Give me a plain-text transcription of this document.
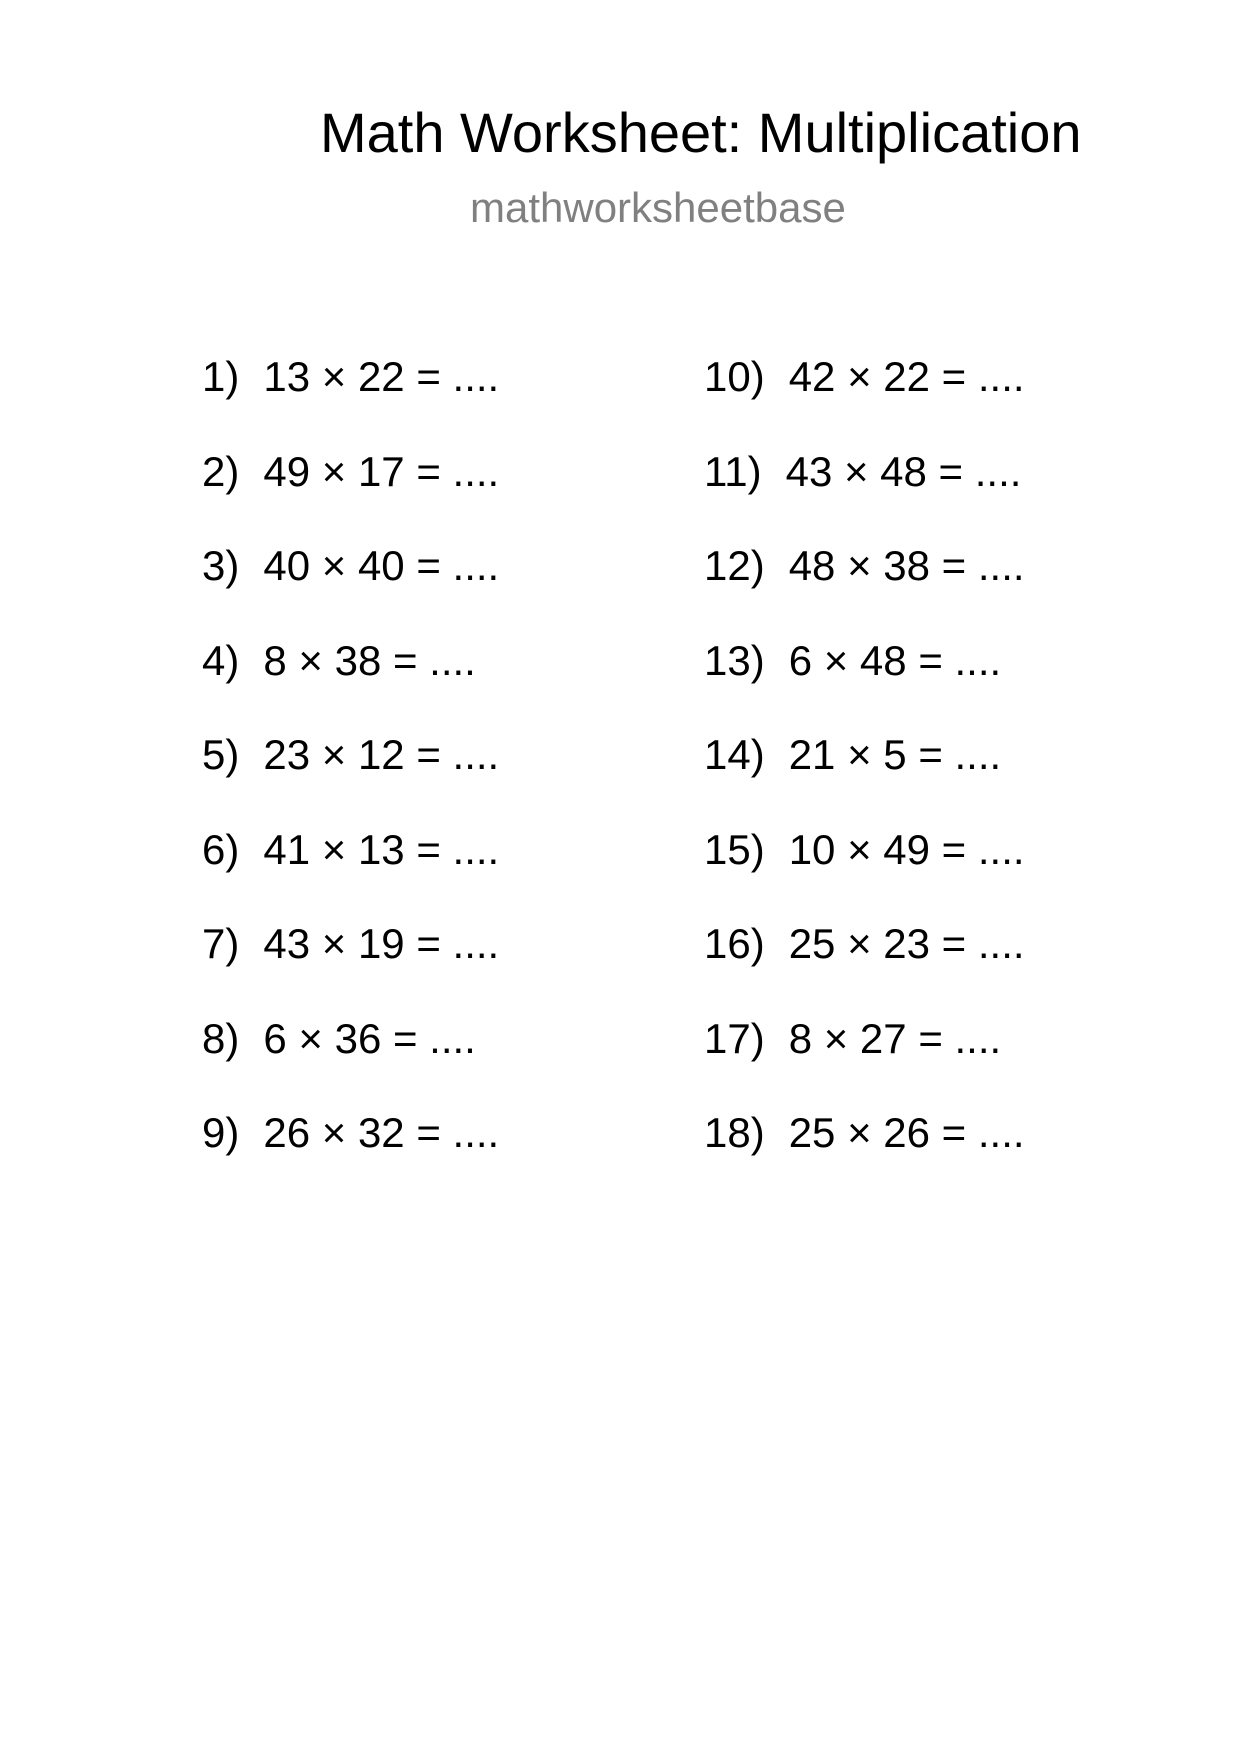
Math Worksheet: Multiplication
mathworksheetbase
1) 13 × 22 = ....
2) 49 × 17 = ....
3) 40 × 40 = ....
4) 8 × 38 = ....
5) 23 × 12 = ....
6) 41 × 13 = ....
7) 43 × 19 = ....
8) 6 × 36 = ....
9) 26 × 32 = ....
10) 42 × 22 = ....
11) 43 × 48 = ....
12) 48 × 38 = ....
13) 6 × 48 = ....
14) 21 × 5 = ....
15) 10 × 49 = ....
16) 25 × 23 = ....
17) 8 × 27 = ....
18) 25 × 26 = ....
